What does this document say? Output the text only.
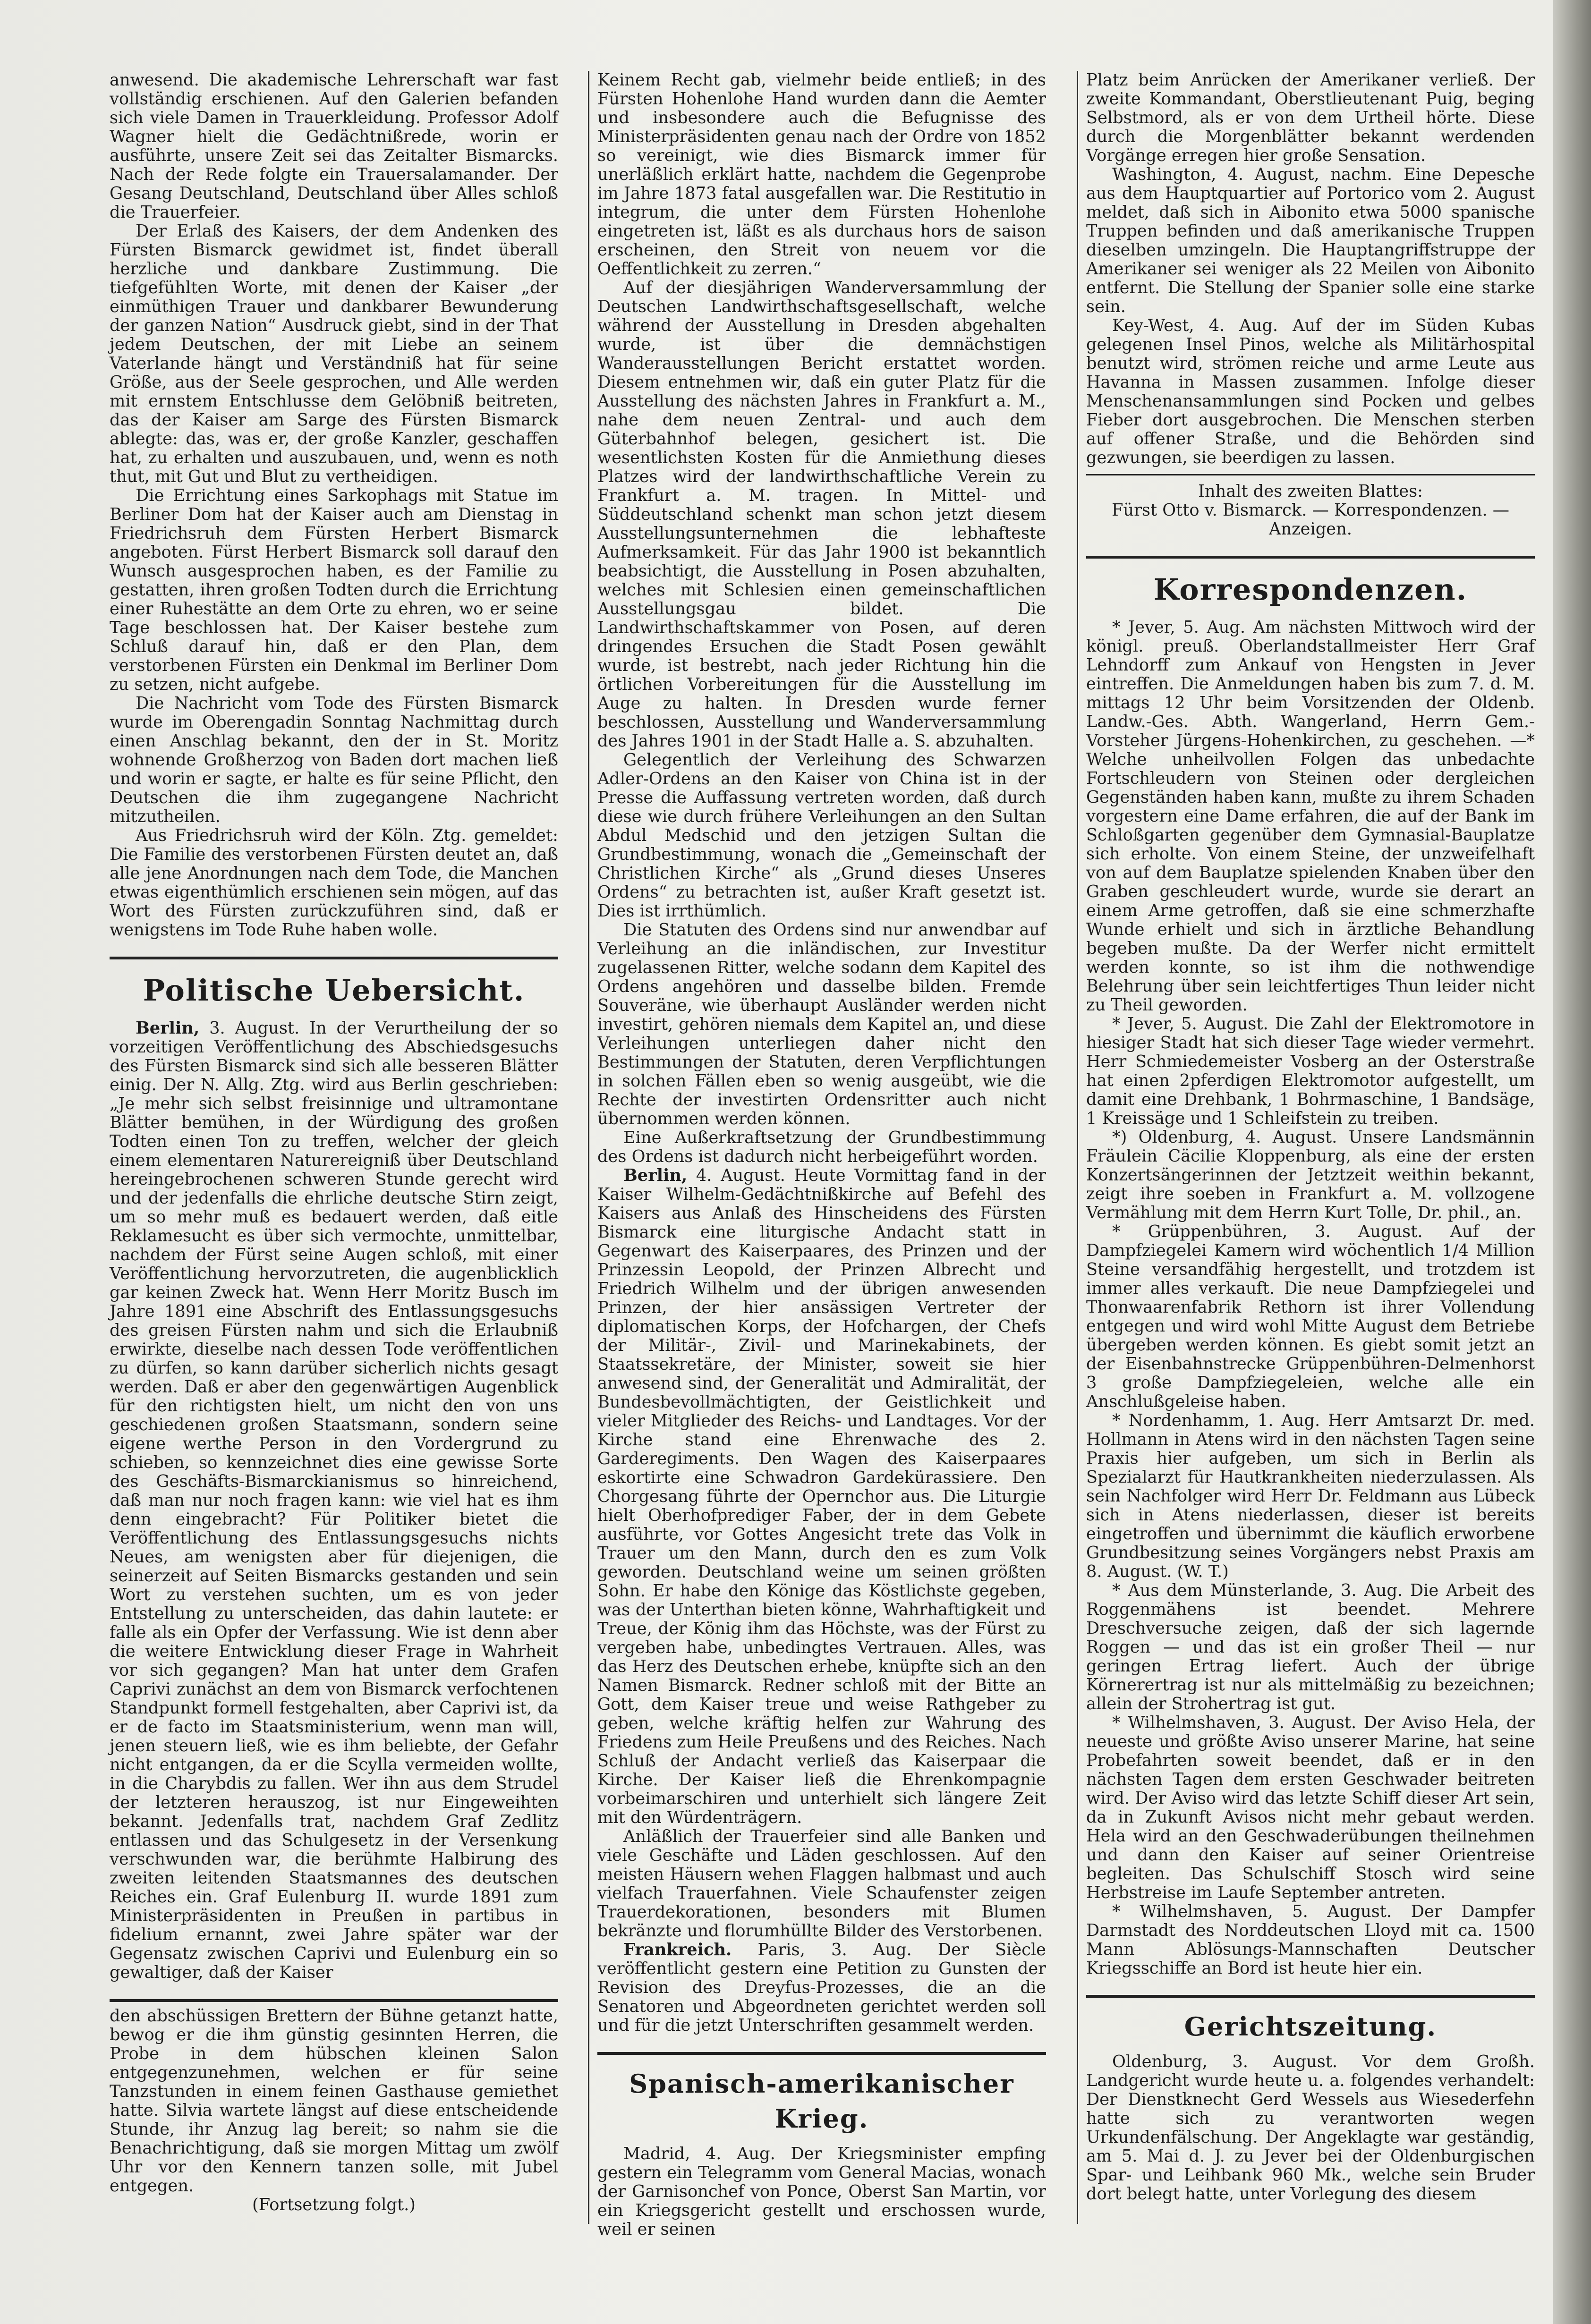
anwesend. Die akademische Lehrerschaft war fast vollständig erschienen. Auf den Galerien befanden sich viele Damen in Trauerkleidung. Professor Adolf Wagner hielt die Gedächtnißrede, worin er ausführte, unsere Zeit sei das Zeitalter Bismarcks. Nach der Rede folgte ein Trauersalamander. Der Gesang Deutschland, Deutschland über Alles schloß die Trauerfeier.

Der Erlaß des Kaisers, der dem Andenken des Fürsten Bismarck gewidmet ist, findet überall herzliche und dankbare Zustimmung. Die tiefgefühlten Worte, mit denen der Kaiser „der einmüthigen Trauer und dankbarer Bewunderung der ganzen Nation“ Ausdruck giebt, sind in der That jedem Deutschen, der mit Liebe an seinem Vaterlande hängt und Verständniß hat für seine Größe, aus der Seele gesprochen, und Alle werden mit ernstem Entschlusse dem Gelöbniß beitreten, das der Kaiser am Sarge des Fürsten Bismarck ablegte: das, was er, der große Kanzler, geschaffen hat, zu erhalten und auszubauen, und, wenn es noth thut, mit Gut und Blut zu vertheidigen.

Die Errichtung eines Sarkophags mit Statue im Berliner Dom hat der Kaiser auch am Dienstag in Friedrichsruh dem Fürsten Herbert Bismarck angeboten. Fürst Herbert Bismarck soll darauf den Wunsch ausgesprochen haben, es der Familie zu gestatten, ihren großen Todten durch die Errichtung einer Ruhestätte an dem Orte zu ehren, wo er seine Tage beschlossen hat. Der Kaiser bestehe zum Schluß darauf hin, daß er den Plan, dem verstorbenen Fürsten ein Denkmal im Berliner Dom zu setzen, nicht aufgebe.

Die Nachricht vom Tode des Fürsten Bismarck wurde im Oberengadin Sonntag Nachmittag durch einen Anschlag bekannt, den der in St. Moritz wohnende Großherzog von Baden dort machen ließ und worin er sagte, er halte es für seine Pflicht, den Deutschen die ihm zugegangene Nachricht mitzutheilen.

Aus Friedrichsruh wird der Köln. Ztg. gemeldet: Die Familie des verstorbenen Fürsten deutet an, daß alle jene Anordnungen nach dem Tode, die Manchen etwas eigenthümlich erschienen sein mögen, auf das Wort des Fürsten zurückzuführen sind, daß er wenigstens im Tode Ruhe haben wolle.

Politische Uebersicht.

Berlin, 3. August. In der Verurtheilung der so vorzeitigen Veröffentlichung des Abschiedsgesuchs des Fürsten Bismarck sind sich alle besseren Blätter einig. Der N. Allg. Ztg. wird aus Berlin geschrieben: „Je mehr sich selbst freisinnige und ultramontane Blätter bemühen, in der Würdigung des großen Todten einen Ton zu treffen, welcher der gleich einem elementaren Naturereigniß über Deutschland hereingebrochenen schweren Stunde gerecht wird und der jedenfalls die ehrliche deutsche Stirn zeigt, um so mehr muß es bedauert werden, daß eitle Reklamesucht es über sich vermochte, unmittelbar, nachdem der Fürst seine Augen schloß, mit einer Veröffentlichung hervorzutreten, die augenblicklich gar keinen Zweck hat. Wenn Herr Moritz Busch im Jahre 1891 eine Abschrift des Entlassungsgesuchs des greisen Fürsten nahm und sich die Erlaubniß erwirkte, dieselbe nach dessen Tode veröffentlichen zu dürfen, so kann darüber sicherlich nichts gesagt werden. Daß er aber den gegenwärtigen Augenblick für den richtigsten hielt, um nicht den von uns geschiedenen großen Staatsmann, sondern seine eigene werthe Person in den Vordergrund zu schieben, so kennzeichnet dies eine gewisse Sorte des Geschäfts-Bismarckianismus so hinreichend, daß man nur noch fragen kann: wie viel hat es ihm denn eingebracht? Für Politiker bietet die Veröffentlichung des Entlassungsgesuchs nichts Neues, am wenigsten aber für diejenigen, die seinerzeit auf Seiten Bismarcks gestanden und sein Wort zu verstehen suchten, um es von jeder Entstellung zu unterscheiden, das dahin lautete: er falle als ein Opfer der Verfassung. Wie ist denn aber die weitere Entwicklung dieser Frage in Wahrheit vor sich gegangen? Man hat unter dem Grafen Caprivi zunächst an dem von Bismarck verfochtenen Standpunkt formell festgehalten, aber Caprivi ist, da er de facto im Staatsministerium, wenn man will, jenen steuern ließ, wie es ihm beliebte, der Gefahr nicht entgangen, da er die Scylla vermeiden wollte, in die Charybdis zu fallen. Wer ihn aus dem Strudel der letzteren herauszog, ist nur Eingeweihten bekannt. Jedenfalls trat, nachdem Graf Zedlitz entlassen und das Schulgesetz in der Versenkung verschwunden war, die berühmte Halbirung des zweiten leitenden Staatsmannes des deutschen Reiches ein. Graf Eulenburg II. wurde 1891 zum Ministerpräsidenten in Preußen in partibus in fidelium ernannt, zwei Jahre später war der Gegensatz zwischen Caprivi und Eulenburg ein so gewaltiger, daß der Kaiser

den abschüssigen Brettern der Bühne getanzt hatte, bewog er die ihm günstig gesinnten Herren, die Probe in dem hübschen kleinen Salon entgegenzunehmen, welchen er für seine Tanzstunden in einem feinen Gasthause gemiethet hatte. Silvia wartete längst auf diese entscheidende Stunde, ihr Anzug lag bereit; so nahm sie die Benachrichtigung, daß sie morgen Mittag um zwölf Uhr vor den Kennern tanzen solle, mit Jubel entgegen.

(Fortsetzung folgt.)

Keinem Recht gab, vielmehr beide entließ; in des Fürsten Hohenlohe Hand wurden dann die Aemter und insbesondere auch die Befugnisse des Ministerpräsidenten genau nach der Ordre von 1852 so vereinigt, wie dies Bismarck immer für unerläßlich erklärt hatte, nachdem die Gegenprobe im Jahre 1873 fatal ausgefallen war. Die Restitutio in integrum, die unter dem Fürsten Hohenlohe eingetreten ist, läßt es als durchaus hors de saison erscheinen, den Streit von neuem vor die Oeffentlichkeit zu zerren.“

Auf der diesjährigen Wanderversammlung der Deutschen Landwirthschaftsgesellschaft, welche während der Ausstellung in Dresden abgehalten wurde, ist über die demnächstigen Wanderausstellungen Bericht erstattet worden. Diesem entnehmen wir, daß ein guter Platz für die Ausstellung des nächsten Jahres in Frankfurt a. M., nahe dem neuen Zentral- und auch dem Güterbahnhof belegen, gesichert ist. Die wesentlichsten Kosten für die Anmiethung dieses Platzes wird der landwirthschaftliche Verein zu Frankfurt a. M. tragen. In Mittel- und Süddeutschland schenkt man schon jetzt diesem Ausstellungsunternehmen die lebhafteste Aufmerksamkeit. Für das Jahr 1900 ist bekanntlich beabsichtigt, die Ausstellung in Posen abzuhalten, welches mit Schlesien einen gemeinschaftlichen Ausstellungsgau bildet. Die Landwirthschaftskammer von Posen, auf deren dringendes Ersuchen die Stadt Posen gewählt wurde, ist bestrebt, nach jeder Richtung hin die örtlichen Vorbereitungen für die Ausstellung im Auge zu halten. In Dresden wurde ferner beschlossen, Ausstellung und Wanderversammlung des Jahres 1901 in der Stadt Halle a. S. abzuhalten.

Gelegentlich der Verleihung des Schwarzen Adler-Ordens an den Kaiser von China ist in der Presse die Auffassung vertreten worden, daß durch diese wie durch frühere Verleihungen an den Sultan Abdul Medschid und den jetzigen Sultan die Grundbestimmung, wonach die „Gemeinschaft der Christlichen Kirche“ als „Grund dieses Unseres Ordens“ zu betrachten ist, außer Kraft gesetzt ist. Dies ist irrthümlich.

Die Statuten des Ordens sind nur anwendbar auf Verleihung an die inländischen, zur Investitur zugelassenen Ritter, welche sodann dem Kapitel des Ordens angehören und dasselbe bilden. Fremde Souveräne, wie überhaupt Ausländer werden nicht investirt, gehören niemals dem Kapitel an, und diese Verleihungen unterliegen daher nicht den Bestimmungen der Statuten, deren Verpflichtungen in solchen Fällen eben so wenig ausgeübt, wie die Rechte der investirten Ordensritter auch nicht übernommen werden können.

Eine Außerkraftsetzung der Grundbestimmung des Ordens ist dadurch nicht herbeigeführt worden.

Berlin, 4. August. Heute Vormittag fand in der Kaiser Wilhelm-Gedächtnißkirche auf Befehl des Kaisers aus Anlaß des Hinscheidens des Fürsten Bismarck eine liturgische Andacht statt in Gegenwart des Kaiserpaares, des Prinzen und der Prinzessin Leopold, der Prinzen Albrecht und Friedrich Wilhelm und der übrigen anwesenden Prinzen, der hier ansässigen Vertreter der diplomatischen Korps, der Hofchargen, der Chefs der Militär-, Zivil- und Marinekabinets, der Staatssekretäre, der Minister, soweit sie hier anwesend sind, der Generalität und Admiralität, der Bundesbevollmächtigten, der Geistlichkeit und vieler Mitglieder des Reichs- und Landtages. Vor der Kirche stand eine Ehrenwache des 2. Garderegiments. Den Wagen des Kaiserpaares eskortirte eine Schwadron Gardekürassiere. Den Chorgesang führte der Opernchor aus. Die Liturgie hielt Oberhofprediger Faber, der in dem Gebete ausführte, vor Gottes Angesicht trete das Volk in Trauer um den Mann, durch den es zum Volk geworden. Deutschland weine um seinen größten Sohn. Er habe den Könige das Köstlichste gegeben, was der Unterthan bieten könne, Wahrhaftigkeit und Treue, der König ihm das Höchste, was der Fürst zu vergeben habe, unbedingtes Vertrauen. Alles, was das Herz des Deutschen erhebe, knüpfte sich an den Namen Bismarck. Redner schloß mit der Bitte an Gott, dem Kaiser treue und weise Rathgeber zu geben, welche kräftig helfen zur Wahrung des Friedens zum Heile Preußens und des Reiches. Nach Schluß der Andacht verließ das Kaiserpaar die Kirche. Der Kaiser ließ die Ehrenkompagnie vorbeimarschiren und unterhielt sich längere Zeit mit den Würdenträgern.

Anläßlich der Trauerfeier sind alle Banken und viele Geschäfte und Läden geschlossen. Auf den meisten Häusern wehen Flaggen halbmast und auch vielfach Trauerfahnen. Viele Schaufenster zeigen Trauerdekorationen, besonders mit Blumen bekränzte und florumhüllte Bilder des Verstorbenen.

Frankreich. Paris, 3. Aug. Der Siècle veröffentlicht gestern eine Petition zu Gunsten der Revision des Dreyfus-Prozesses, die an die Senatoren und Abgeordneten gerichtet werden soll und für die jetzt Unterschriften gesammelt werden.

Spanisch-amerikanischer Krieg.

Madrid, 4. Aug. Der Kriegsminister empfing gestern ein Telegramm vom General Macias, wonach der Garnisonchef von Ponce, Oberst San Martin, vor ein Kriegsgericht gestellt und erschossen wurde, weil er seinen

Platz beim Anrücken der Amerikaner verließ. Der zweite Kommandant, Oberstlieutenant Puig, beging Selbstmord, als er von dem Urtheil hörte. Diese durch die Morgenblätter bekannt werdenden Vorgänge erregen hier große Sensation.

Washington, 4. August, nachm. Eine Depesche aus dem Hauptquartier auf Portorico vom 2. August meldet, daß sich in Aibonito etwa 5000 spanische Truppen befinden und daß amerikanische Truppen dieselben umzingeln. Die Hauptangriffstruppe der Amerikaner sei weniger als 22 Meilen von Aibonito entfernt. Die Stellung der Spanier solle eine starke sein.

Key-West, 4. Aug. Auf der im Süden Kubas gelegenen Insel Pinos, welche als Militärhospital benutzt wird, strömen reiche und arme Leute aus Havanna in Massen zusammen. Infolge dieser Menschenansammlungen sind Pocken und gelbes Fieber dort ausgebrochen. Die Menschen sterben auf offener Straße, und die Behörden sind gezwungen, sie beerdigen zu lassen.

Inhalt des zweiten Blattes:

Fürst Otto v. Bismarck. — Korrespondenzen. — Anzeigen.

Korrespondenzen.

* Jever, 5. Aug. Am nächsten Mittwoch wird der königl. preuß. Oberlandstallmeister Herr Graf Lehndorff zum Ankauf von Hengsten in Jever eintreffen. Die Anmeldungen haben bis zum 7. d. M. mittags 12 Uhr beim Vorsitzenden der Oldenb. Landw.-Ges. Abth. Wangerland, Herrn Gem.-Vorsteher Jürgens-Hohenkirchen, zu geschehen. —* Welche unheilvollen Folgen das unbedachte Fortschleudern von Steinen oder dergleichen Gegenständen haben kann, mußte zu ihrem Schaden vorgestern eine Dame erfahren, die auf der Bank im Schloßgarten gegenüber dem Gymnasial-Bauplatze sich erholte. Von einem Steine, der unzweifelhaft von auf dem Bauplatze spielenden Knaben über den Graben geschleudert wurde, wurde sie derart an einem Arme getroffen, daß sie eine schmerzhafte Wunde erhielt und sich in ärztliche Behandlung begeben mußte. Da der Werfer nicht ermittelt werden konnte, so ist ihm die nothwendige Belehrung über sein leichtfertiges Thun leider nicht zu Theil geworden.

* Jever, 5. August. Die Zahl der Elektromotore in hiesiger Stadt hat sich dieser Tage wieder vermehrt. Herr Schmiedemeister Vosberg an der Osterstraße hat einen 2pferdigen Elektromotor aufgestellt, um damit eine Drehbank, 1 Bohrmaschine, 1 Bandsäge, 1 Kreissäge und 1 Schleifstein zu treiben.

*) Oldenburg, 4. August. Unsere Landsmännin Fräulein Cäcilie Kloppenburg, als eine der ersten Konzertsängerinnen der Jetztzeit weithin bekannt, zeigt ihre soeben in Frankfurt a. M. vollzogene Vermählung mit dem Herrn Kurt Tolle, Dr. phil., an.

* Grüppenbühren, 3. August. Auf der Dampfziegelei Kamern wird wöchentlich 1/4 Million Steine versandfähig hergestellt, und trotzdem ist immer alles verkauft. Die neue Dampfziegelei und Thonwaarenfabrik Rethorn ist ihrer Vollendung entgegen und wird wohl Mitte August dem Betriebe übergeben werden können. Es giebt somit jetzt an der Eisenbahnstrecke Grüppenbühren-Delmenhorst 3 große Dampfziegeleien, welche alle ein Anschlußgeleise haben.

* Nordenhamm, 1. Aug. Herr Amtsarzt Dr. med. Hollmann in Atens wird in den nächsten Tagen seine Praxis hier aufgeben, um sich in Berlin als Spezialarzt für Hautkrankheiten niederzulassen. Als sein Nachfolger wird Herr Dr. Feldmann aus Lübeck sich in Atens niederlassen, dieser ist bereits eingetroffen und übernimmt die käuflich erworbene Grundbesitzung seines Vorgängers nebst Praxis am 8. August. (W. T.)

* Aus dem Münsterlande, 3. Aug. Die Arbeit des Roggenmähens ist beendet. Mehrere Dreschversuche zeigen, daß der sich lagernde Roggen — und das ist ein großer Theil — nur geringen Ertrag liefert. Auch der übrige Körnerertrag ist nur als mittelmäßig zu bezeichnen; allein der Strohertrag ist gut.

* Wilhelmshaven, 3. August. Der Aviso Hela, der neueste und größte Aviso unserer Marine, hat seine Probefahrten soweit beendet, daß er in den nächsten Tagen dem ersten Geschwader beitreten wird. Der Aviso wird das letzte Schiff dieser Art sein, da in Zukunft Avisos nicht mehr gebaut werden. Hela wird an den Geschwaderübungen theilnehmen und dann den Kaiser auf seiner Orientreise begleiten. Das Schulschiff Stosch wird seine Herbstreise im Laufe September antreten.

* Wilhelmshaven, 5. August. Der Dampfer Darmstadt des Norddeutschen Lloyd mit ca. 1500 Mann Ablösungs-Mannschaften Deutscher Kriegsschiffe an Bord ist heute hier ein.

Gerichtszeitung.

Oldenburg, 3. August. Vor dem Großh. Landgericht wurde heute u. a. folgendes verhandelt: Der Dienstknecht Gerd Wessels aus Wiesederfehn hatte sich zu verantworten wegen Urkundenfälschung. Der Angeklagte war geständig, am 5. Mai d. J. zu Jever bei der Oldenburgischen Spar- und Leihbank 960 Mk., welche sein Bruder dort belegt hatte, unter Vorlegung des diesem
